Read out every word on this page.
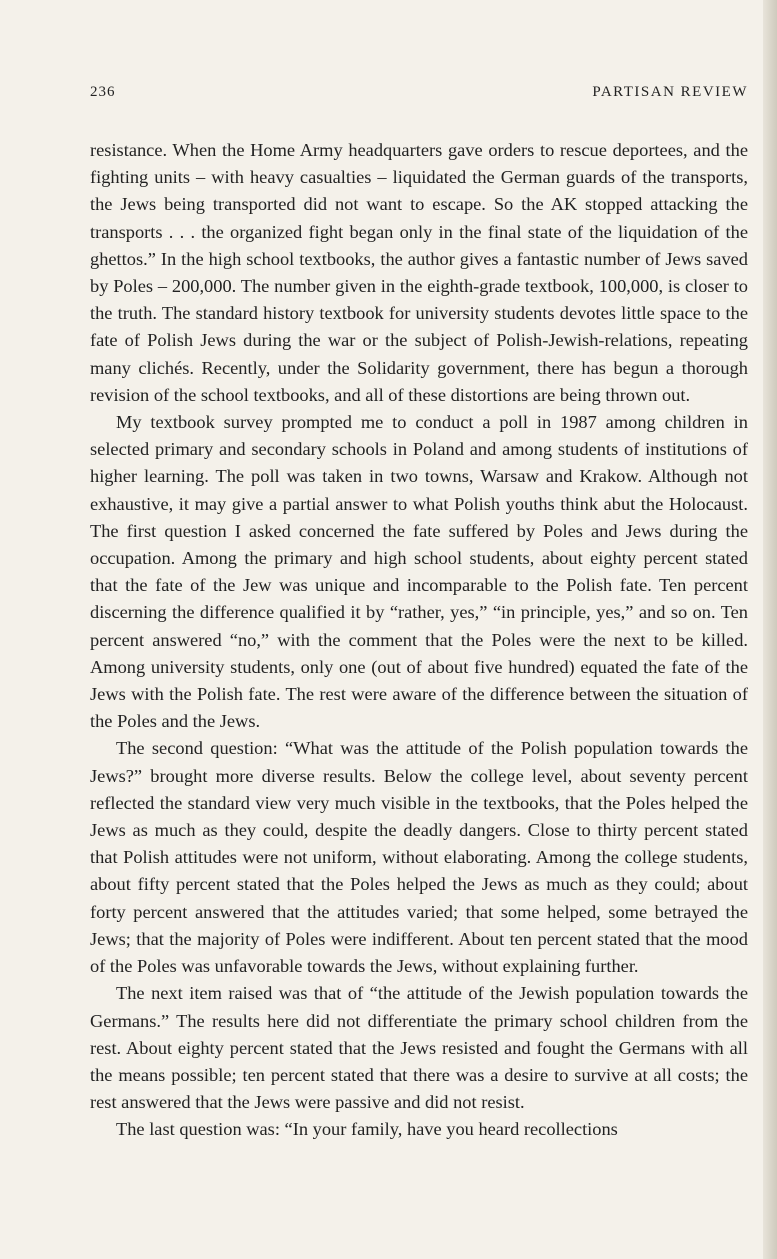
236	PARTISAN REVIEW

resistance. When the Home Army headquarters gave orders to rescue deportees, and the fighting units – with heavy casualties – liquidated the German guards of the transports, the Jews being transported did not want to escape. So the AK stopped attacking the transports . . . the organized fight began only in the final state of the liquidation of the ghettos.” In the high school textbooks, the author gives a fantastic number of Jews saved by Poles – 200,000. The number given in the eighth-grade textbook, 100,000, is closer to the truth. The standard history textbook for university students devotes little space to the fate of Polish Jews during the war or the subject of Polish-Jewish-relations, repeating many clichés. Recently, under the Solidarity government, there has begun a thorough revision of the school textbooks, and all of these distortions are being thrown out.

My textbook survey prompted me to conduct a poll in 1987 among children in selected primary and secondary schools in Poland and among students of institutions of higher learning. The poll was taken in two towns, Warsaw and Krakow. Although not exhaustive, it may give a partial answer to what Polish youths think abut the Holocaust. The first question I asked concerned the fate suffered by Poles and Jews during the occupation. Among the primary and high school students, about eighty percent stated that the fate of the Jew was unique and incomparable to the Polish fate. Ten percent discerning the difference qualified it by “rather, yes,” “in principle, yes,” and so on. Ten percent answered “no,” with the comment that the Poles were the next to be killed. Among university students, only one (out of about five hundred) equated the fate of the Jews with the Polish fate. The rest were aware of the difference between the situation of the Poles and the Jews.

The second question: “What was the attitude of the Polish population towards the Jews?” brought more diverse results. Below the college level, about seventy percent reflected the standard view very much visible in the textbooks, that the Poles helped the Jews as much as they could, despite the deadly dangers. Close to thirty percent stated that Polish attitudes were not uniform, without elaborating. Among the college students, about fifty percent stated that the Poles helped the Jews as much as they could; about forty percent answered that the attitudes varied; that some helped, some betrayed the Jews; that the majority of Poles were indifferent. About ten percent stated that the mood of the Poles was unfavorable towards the Jews, without explaining further.

The next item raised was that of “the attitude of the Jewish population towards the Germans.” The results here did not differentiate the primary school children from the rest. About eighty percent stated that the Jews resisted and fought the Germans with all the means possible; ten percent stated that there was a desire to survive at all costs; the rest answered that the Jews were passive and did not resist.

The last question was: “In your family, have you heard recollections
